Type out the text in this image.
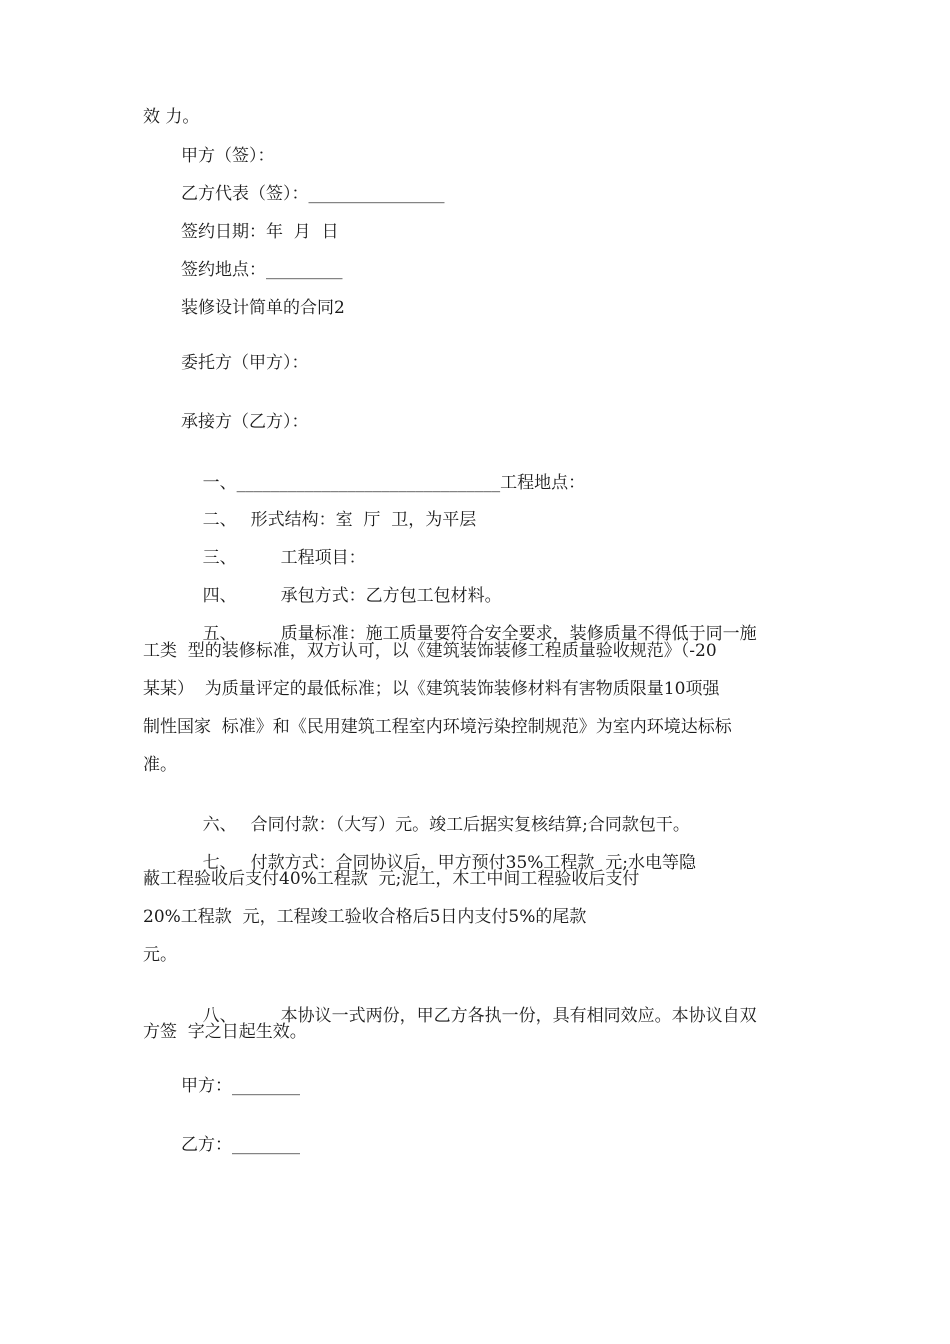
效 力。
甲方（签）：
乙方代表（签）：________________
签约日期：年  月  日
签约地点：_________
装修设计简单的合同2
委托方（甲方）：
承接方（乙方）：

一、_______________________________工程地点：

二、 形式结构：室  厅  卫，为平层

三、	工程项目：

四、	承包方式：乙方包工包材料。

五、	质量标准：施工质量要符合安全要求，装修质量不得低于同一施

工类  型的装修标准，双方认可，以《建筑装饰装修工程质量验收规范》（-20
某某）  为质量评定的最低标准；以《建筑装饰装修材料有害物质限量10项强
制性国家  标准》和《民用建筑工程室内环境污染控制规范》为室内环境达标标
准。

六、 合同付款：（大写）元。竣工后据实复核结算;合同款包干。

七、 付款方式：合同协议后，甲方预付35%工程款  元;水电等隐

蔽工程验收后支付40%工程款  元;泥工，木工中间工程验收后支付
20%工程款  元，工程竣工验收合格后5日内支付5%的尾款
元。

八、	本协议一式两份，甲乙方各执一份，具有相同效应。本协议自双

方签  字之日起生效。
甲方：________
乙方：________
